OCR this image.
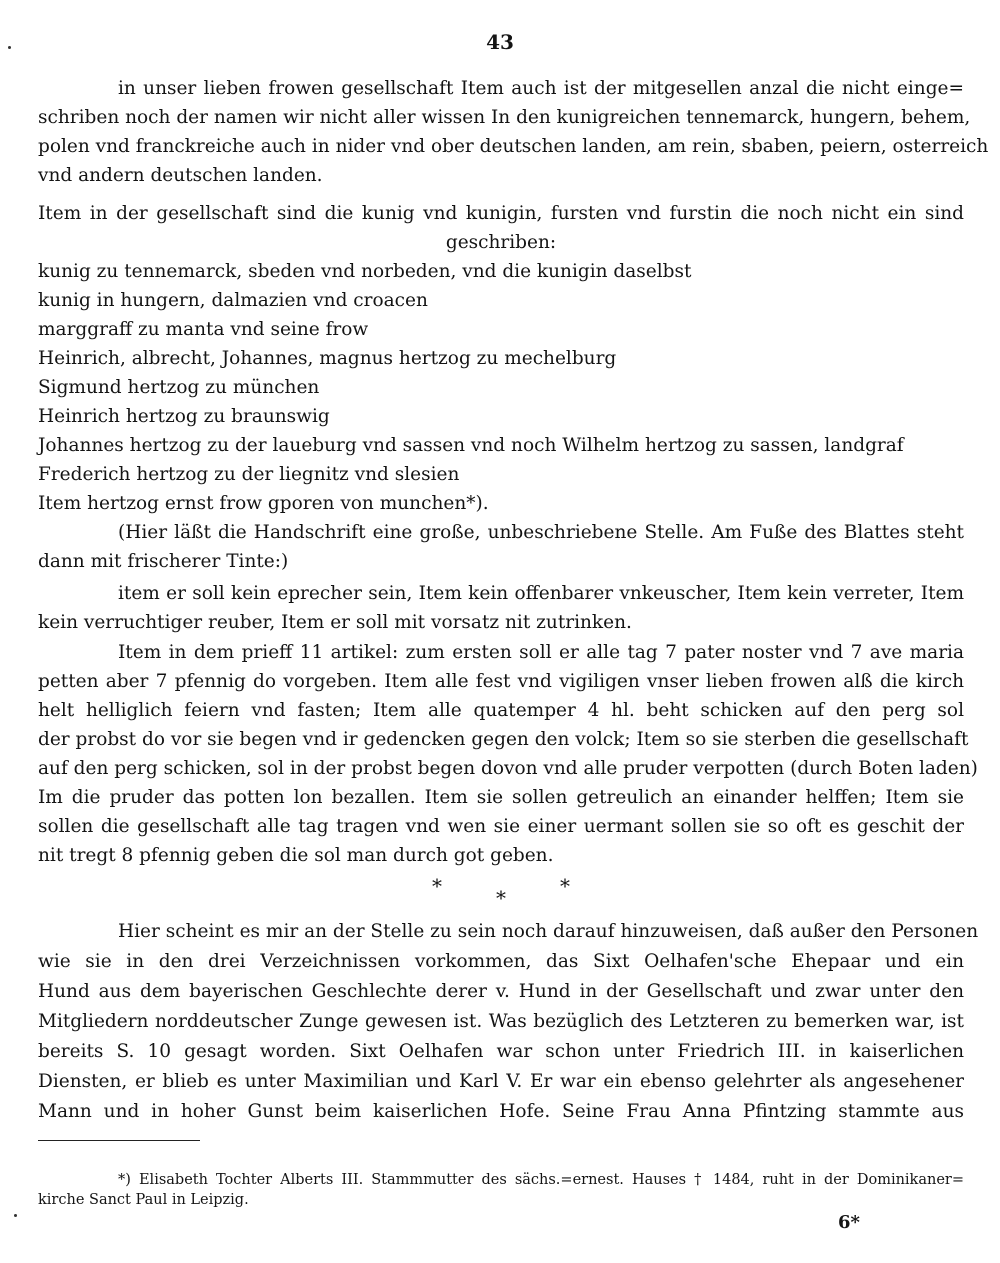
43

in unser lieben frowen gesellschaft Item auch ist der mitgesellen anzal die nicht einge=

schriben noch der namen wir nicht aller wissen In den kunigreichen tennemarck, hungern, behem,

polen vnd franckreiche auch in nider vnd ober deutschen landen, am rein, sbaben, peiern, osterreich

vnd andern deutschen landen.

Item in der gesellschaft sind die kunig vnd kunigin, fursten vnd furstin die noch nicht ein sind

geschriben:

kunig zu tennemarck, sbeden vnd norbeden, vnd die kunigin daselbst

kunig in hungern, dalmazien vnd croacen

marggraff zu manta vnd seine frow

Heinrich, albrecht, Johannes, magnus hertzog zu mechelburg

Sigmund hertzog zu münchen

Heinrich hertzog zu braunswig

Johannes hertzog zu der laueburg vnd sassen vnd noch Wilhelm hertzog zu sassen, landgraf

Frederich hertzog zu der liegnitz vnd slesien

Item hertzog ernst frow gporen von munchen*).

(Hier läßt die Handschrift eine große, unbeschriebene Stelle. Am Fuße des Blattes steht

dann mit frischerer Tinte:)

item er soll kein eprecher sein, Item kein offenbarer vnkeuscher, Item kein verreter, Item

kein verruchtiger reuber, Item er soll mit vorsatz nit zutrinken.

Item in dem prieff 11 artikel: zum ersten soll er alle tag 7 pater noster vnd 7 ave maria

petten aber 7 pfennig do vorgeben. Item alle fest vnd vigiligen vnser lieben frowen alß die kirch

helt helliglich feiern vnd fasten; Item alle quatemper 4 hl. beht schicken auf den perg sol

der probst do vor sie begen vnd ir gedencken gegen den volck; Item so sie sterben die gesellschaft

auf den perg schicken, sol in der probst begen dovon vnd alle pruder verpotten (durch Boten laden)

Im die pruder das potten lon bezallen. Item sie sollen getreulich an einander helffen; Item sie

sollen die gesellschaft alle tag tragen vnd wen sie einer uermant sollen sie so oft es geschit der

nit tregt 8 pfennig geben die sol man durch got geben.

*	*	*

Hier scheint es mir an der Stelle zu sein noch darauf hinzuweisen, daß außer den Personen

wie sie in den drei Verzeichnissen vorkommen, das Sixt Oelhafen'sche Ehepaar und ein

Hund aus dem bayerischen Geschlechte derer v. Hund in der Gesellschaft und zwar unter den

Mitgliedern norddeutscher Zunge gewesen ist. Was bezüglich des Letzteren zu bemerken war, ist

bereits S. 10 gesagt worden. Sixt Oelhafen war schon unter Friedrich III. in kaiserlichen

Diensten, er blieb es unter Maximilian und Karl V. Er war ein ebenso gelehrter als angesehener

Mann und in hoher Gunst beim kaiserlichen Hofe. Seine Frau Anna Pfintzing stammte aus

*) Elisabeth Tochter Alberts III. Stammmutter des sächs.=ernest. Hauses † 1484, ruht in der Dominikaner=

kirche Sanct Paul in Leipzig.

6*
